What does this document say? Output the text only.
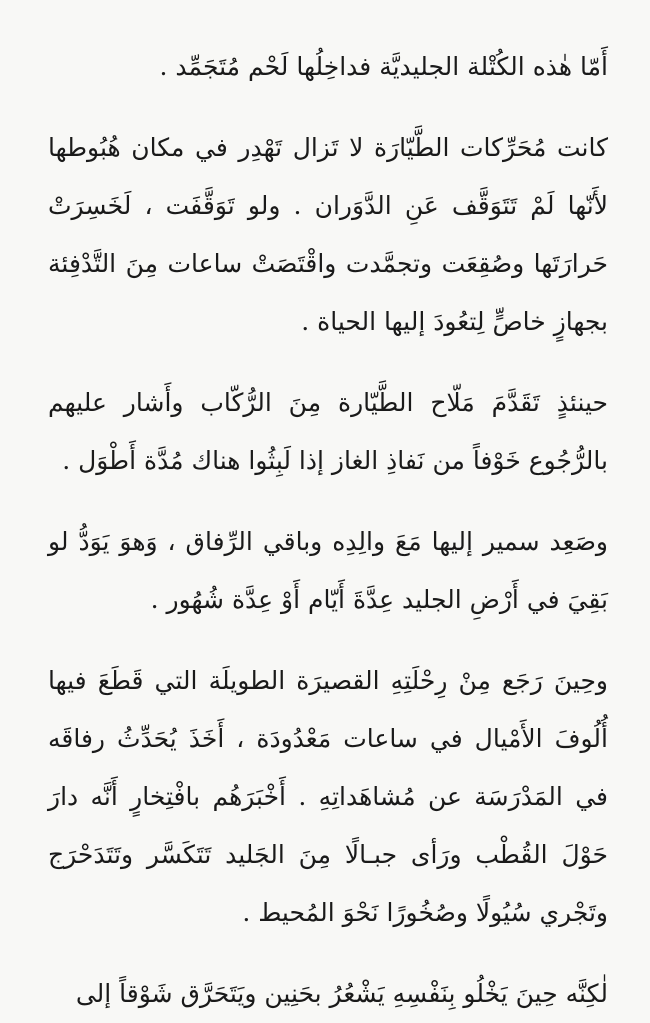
أَمّا هٰذه الكُتْلة الجليديَّة فداخِلُها لَحْم مُتَجَمِّد .

كانت مُحَرِّكات الطَّيّارَة لا تَزال تَهْدِر في مكان هُبُوطها لأَنّها لَمْ تَتَوَقَّف عَنِ الدَّوَران . ولو تَوَقَّفَت ، لَخَسِرَتْ حَرارَتَها وصُقِعَت وتجمَّدت واقْتَصَتْ ساعات مِنَ التَّدْفِئة بجهازٍ خاصٍّ لِتعُودَ إليها الحياة .

حينئذٍ تَقَدَّمَ مَلّاح الطَّيّارة مِنَ الرُّكّاب وأَشار عليهم بالرُّجُوع خَوْفاً من نَفاذِ الغاز إذا لَبِثُوا هناك مُدَّة أَطْوَل .

وصَعِد سمير إليها مَعَ والِدِه وباقي الرِّفاق ، وَهوَ يَوَدُّ لو بَقِيَ في أَرْضِ الجليد عِدَّةَ أَيّام أَوْ عِدَّة شُهُور .

وحِينَ رَجَع مِنْ رِحْلَتِهِ القصيرَة الطويلَة التي قَطَعَ فيها أُلُوفَ الأَمْيال في ساعات مَعْدُودَة ، أَخَذَ يُحَدِّثُ رفاقَه في المَدْرَسَة عن مُشاهَداتِهِ . أَخْبَرَهُم بافْتِخارٍ أَنَّه دارَ حَوْلَ القُطْب ورَأى جبـالًا مِنَ الجَليد تَتَكَسَّر وتَتَدَحْرَج وتَجْري سُيُولًا وصُخُورًا نَحْوَ المُحيط .

لٰكِنَّه حِينَ يَخْلُو بِنَفْسِهِ يَشْعُرُ بحَنِين ويَتَحَرَّق شَوْقاً إلى
